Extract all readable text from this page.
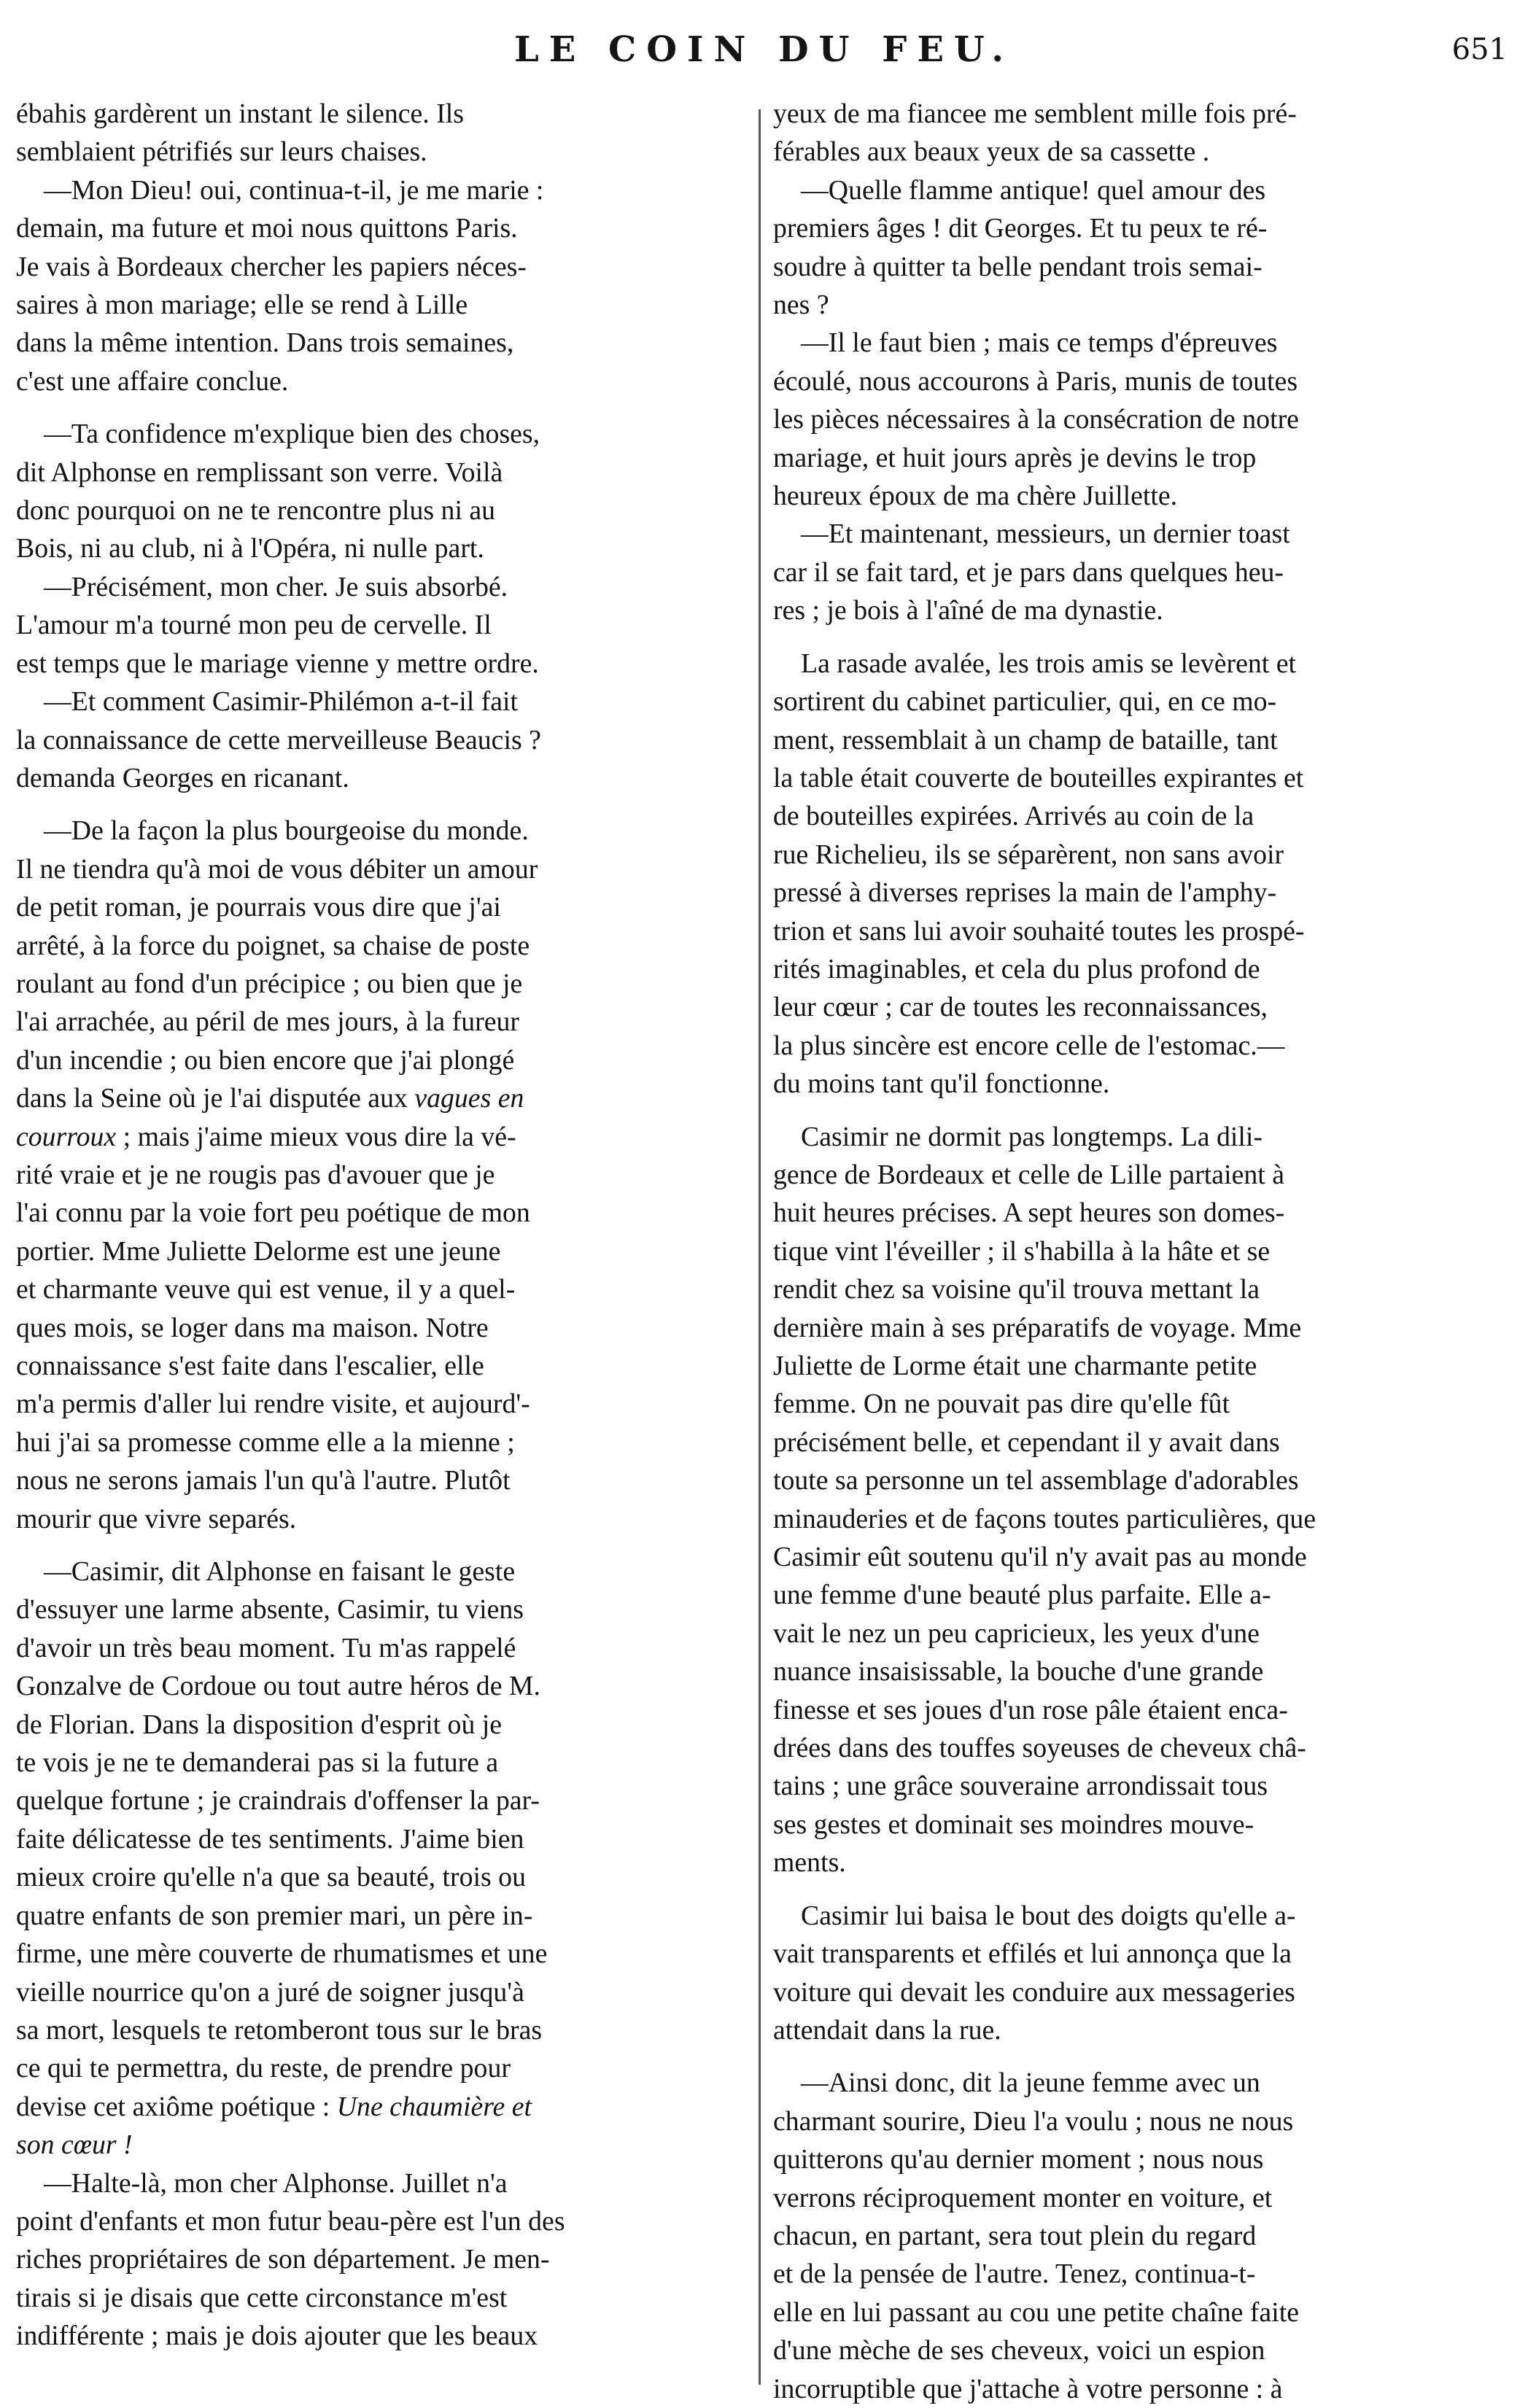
LE COIN DU FEU.	651

ébahis gardèrent un instant le silence. Ils
semblaient pétrifiés sur leurs chaises.

—Mon Dieu! oui, continua-t-il, je me marie :
demain, ma future et moi nous quittons Paris.
Je vais à Bordeaux chercher les papiers néces-
saires à mon mariage; elle se rend à Lille
dans la même intention. Dans trois semaines,
c'est une affaire conclue.

—Ta confidence m'explique bien des choses,
dit Alphonse en remplissant son verre. Voilà
donc pourquoi on ne te rencontre plus ni au
Bois, ni au club, ni à l'Opéra, ni nulle part.

—Précisément, mon cher. Je suis absorbé.
L'amour m'a tourné mon peu de cervelle. Il
est temps que le mariage vienne y mettre ordre.

—Et comment Casimir-Philémon a-t-il fait
la connaissance de cette merveilleuse Beaucis ?
demanda Georges en ricanant.

—De la façon la plus bourgeoise du monde.
Il ne tiendra qu'à moi de vous débiter un amour
de petit roman, je pourrais vous dire que j'ai
arrêté, à la force du poignet, sa chaise de poste
roulant au fond d'un précipice ; ou bien que je
l'ai arrachée, au péril de mes jours, à la fureur
d'un incendie ; ou bien encore que j'ai plongé
dans la Seine où je l'ai disputée aux vagues en
courroux ; mais j'aime mieux vous dire la vé-
rité vraie et je ne rougis pas d'avouer que je
l'ai connu par la voie fort peu poétique de mon
portier. Mme Juliette Delorme est une jeune
et charmante veuve qui est venue, il y a quel-
ques mois, se loger dans ma maison. Notre
connaissance s'est faite dans l'escalier, elle
m'a permis d'aller lui rendre visite, et aujourd'-
hui j'ai sa promesse comme elle a la mienne ;
nous ne serons jamais l'un qu'à l'autre. Plutôt
mourir que vivre separés.

—Casimir, dit Alphonse en faisant le geste
d'essuyer une larme absente, Casimir, tu viens
d'avoir un très beau moment. Tu m'as rappelé
Gonzalve de Cordoue ou tout autre héros de M.
de Florian. Dans la disposition d'esprit où je
te vois je ne te demanderai pas si la future a
quelque fortune ; je craindrais d'offenser la par-
faite délicatesse de tes sentiments. J'aime bien
mieux croire qu'elle n'a que sa beauté, trois ou
quatre enfants de son premier mari, un père in-
firme, une mère couverte de rhumatismes et une
vieille nourrice qu'on a juré de soigner jusqu'à
sa mort, lesquels te retomberont tous sur le bras
ce qui te permettra, du reste, de prendre pour
devise cet axiôme poétique : Une chaumière et
son cœur !

—Halte-là, mon cher Alphonse. Juillet n'a
point d'enfants et mon futur beau-père est l'un des
riches propriétaires de son département. Je men-
tirais si je disais que cette circonstance m'est
indifférente ; mais je dois ajouter que les beaux

yeux de ma fiancee me semblent mille fois pré-
férables aux beaux yeux de sa cassette .

—Quelle flamme antique! quel amour des
premiers âges ! dit Georges. Et tu peux te ré-
soudre à quitter ta belle pendant trois semai-
nes ?

—Il le faut bien ; mais ce temps d'épreuves
écoulé, nous accourons à Paris, munis de toutes
les pièces nécessaires à la consécration de notre
mariage, et huit jours après je devins le trop
heureux époux de ma chère Juillette.

—Et maintenant, messieurs, un dernier toast
car il se fait tard, et je pars dans quelques heu-
res ; je bois à l'aîné de ma dynastie.

La rasade avalée, les trois amis se levèrent et
sortirent du cabinet particulier, qui, en ce mo-
ment, ressemblait à un champ de bataille, tant
la table était couverte de bouteilles expirantes et
de bouteilles expirées. Arrivés au coin de la
rue Richelieu, ils se séparèrent, non sans avoir
pressé à diverses reprises la main de l'amphy-
trion et sans lui avoir souhaité toutes les prospé-
rités imaginables, et cela du plus profond de
leur cœur ; car de toutes les reconnaissances,
la plus sincère est encore celle de l'estomac.—
du moins tant qu'il fonctionne.

Casimir ne dormit pas longtemps. La dili-
gence de Bordeaux et celle de Lille partaient à
huit heures précises. A sept heures son domes-
tique vint l'éveiller ; il s'habilla à la hâte et se
rendit chez sa voisine qu'il trouva mettant la
dernière main à ses préparatifs de voyage. Mme
Juliette de Lorme était une charmante petite
femme. On ne pouvait pas dire qu'elle fût
précisément belle, et cependant il y avait dans
toute sa personne un tel assemblage d'adorables
minauderies et de façons toutes particulières, que
Casimir eût soutenu qu'il n'y avait pas au monde
une femme d'une beauté plus parfaite. Elle a-
vait le nez un peu capricieux, les yeux d'une
nuance insaisissable, la bouche d'une grande
finesse et ses joues d'un rose pâle étaient enca-
drées dans des touffes soyeuses de cheveux châ-
tains ; une grâce souveraine arrondissait tous
ses gestes et dominait ses moindres mouve-
ments.

Casimir lui baisa le bout des doigts qu'elle a-
vait transparents et effilés et lui annonça que la
voiture qui devait les conduire aux messageries
attendait dans la rue.

—Ainsi donc, dit la jeune femme avec un
charmant sourire, Dieu l'a voulu ; nous ne nous
quitterons qu'au dernier moment ; nous nous
verrons réciproquement monter en voiture, et
chacun, en partant, sera tout plein du regard
et de la pensée de l'autre. Tenez, continua-t-
elle en lui passant au cou une petite chaîne faite
d'une mèche de ses cheveux, voici un espion
incorruptible que j'attache à votre personne : à
